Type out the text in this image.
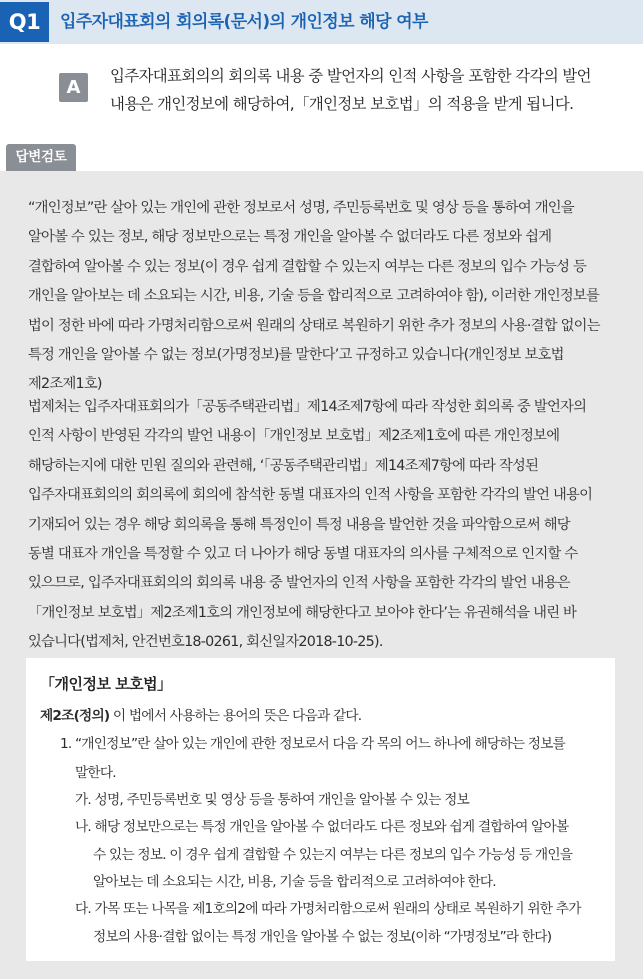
Q1	입주자대표회의 회의록(문서)의 개인정보 해당 여부
A

입주자대표회의의 회의록 내용 중 발언자의 인적 사항을 포함한 각각의 발언
내용은 개인정보에 해당하여,「개인정보 보호법」의 적용을 받게 됩니다.

답변검토

“개인정보”란 살아 있는 개인에 관한 정보로서 성명, 주민등록번호 및 영상 등을 통하여 개인을
알아볼 수 있는 정보, 해당 정보만으로는 특정 개인을 알아볼 수 없더라도 다른 정보와 쉽게
결합하여 알아볼 수 있는 정보(이 경우 쉽게 결합할 수 있는지 여부는 다른 정보의 입수 가능성 등
개인을 알아보는 데 소요되는 시간, 비용, 기술 등을 합리적으로 고려하여야 함), 이러한 개인정보를
법이 정한 바에 따라 가명처리함으로써 원래의 상태로 복원하기 위한 추가 정보의 사용·결합 없이는
특정 개인을 알아볼 수 없는 정보(가명정보)를 말한다’고 규정하고 있습니다(개인정보 보호법
제2조제1호)

법제처는 입주자대표회의가「공동주택관리법」제14조제7항에 따라 작성한 회의록 중 발언자의
인적 사항이 반영된 각각의 발언 내용이「개인정보 보호법」제2조제1호에 따른 개인정보에
해당하는지에 대한 민원 질의와 관련해, ‘「공동주택관리법」제14조제7항에 따라 작성된
입주자대표회의의 회의록에 회의에 참석한 동별 대표자의 인적 사항을 포함한 각각의 발언 내용이
기재되어 있는 경우 해당 회의록을 통해 특정인이 특정 내용을 발언한 것을 파악함으로써 해당
동별 대표자 개인을 특정할 수 있고 더 나아가 해당 동별 대표자의 의사를 구체적으로 인지할 수
있으므로, 입주자대표회의의 회의록 내용 중 발언자의 인적 사항을 포함한 각각의 발언 내용은
「개인정보 보호법」제2조제1호의 개인정보에 해당한다고 보아야 한다’는 유권해석을 내린 바
있습니다(법제처, 안건번호18-0261, 회신일자2018-10-25).

「개인정보 보호법」
제2조(정의) 이 법에서 사용하는 용어의 뜻은 다음과 같다.
1. “개인정보”란 살아 있는 개인에 관한 정보로서 다음 각 목의 어느 하나에 해당하는 정보를
말한다.
가. 성명, 주민등록번호 및 영상 등을 통하여 개인을 알아볼 수 있는 정보
나. 해당 정보만으로는 특정 개인을 알아볼 수 없더라도 다른 정보와 쉽게 결합하여 알아볼
수 있는 정보. 이 경우 쉽게 결합할 수 있는지 여부는 다른 정보의 입수 가능성 등 개인을
알아보는 데 소요되는 시간, 비용, 기술 등을 합리적으로 고려하여야 한다.
다. 가목 또는 나목을 제1호의2에 따라 가명처리함으로써 원래의 상태로 복원하기 위한 추가
정보의 사용·결합 없이는 특정 개인을 알아볼 수 없는 정보(이하 “가명정보”라 한다)
